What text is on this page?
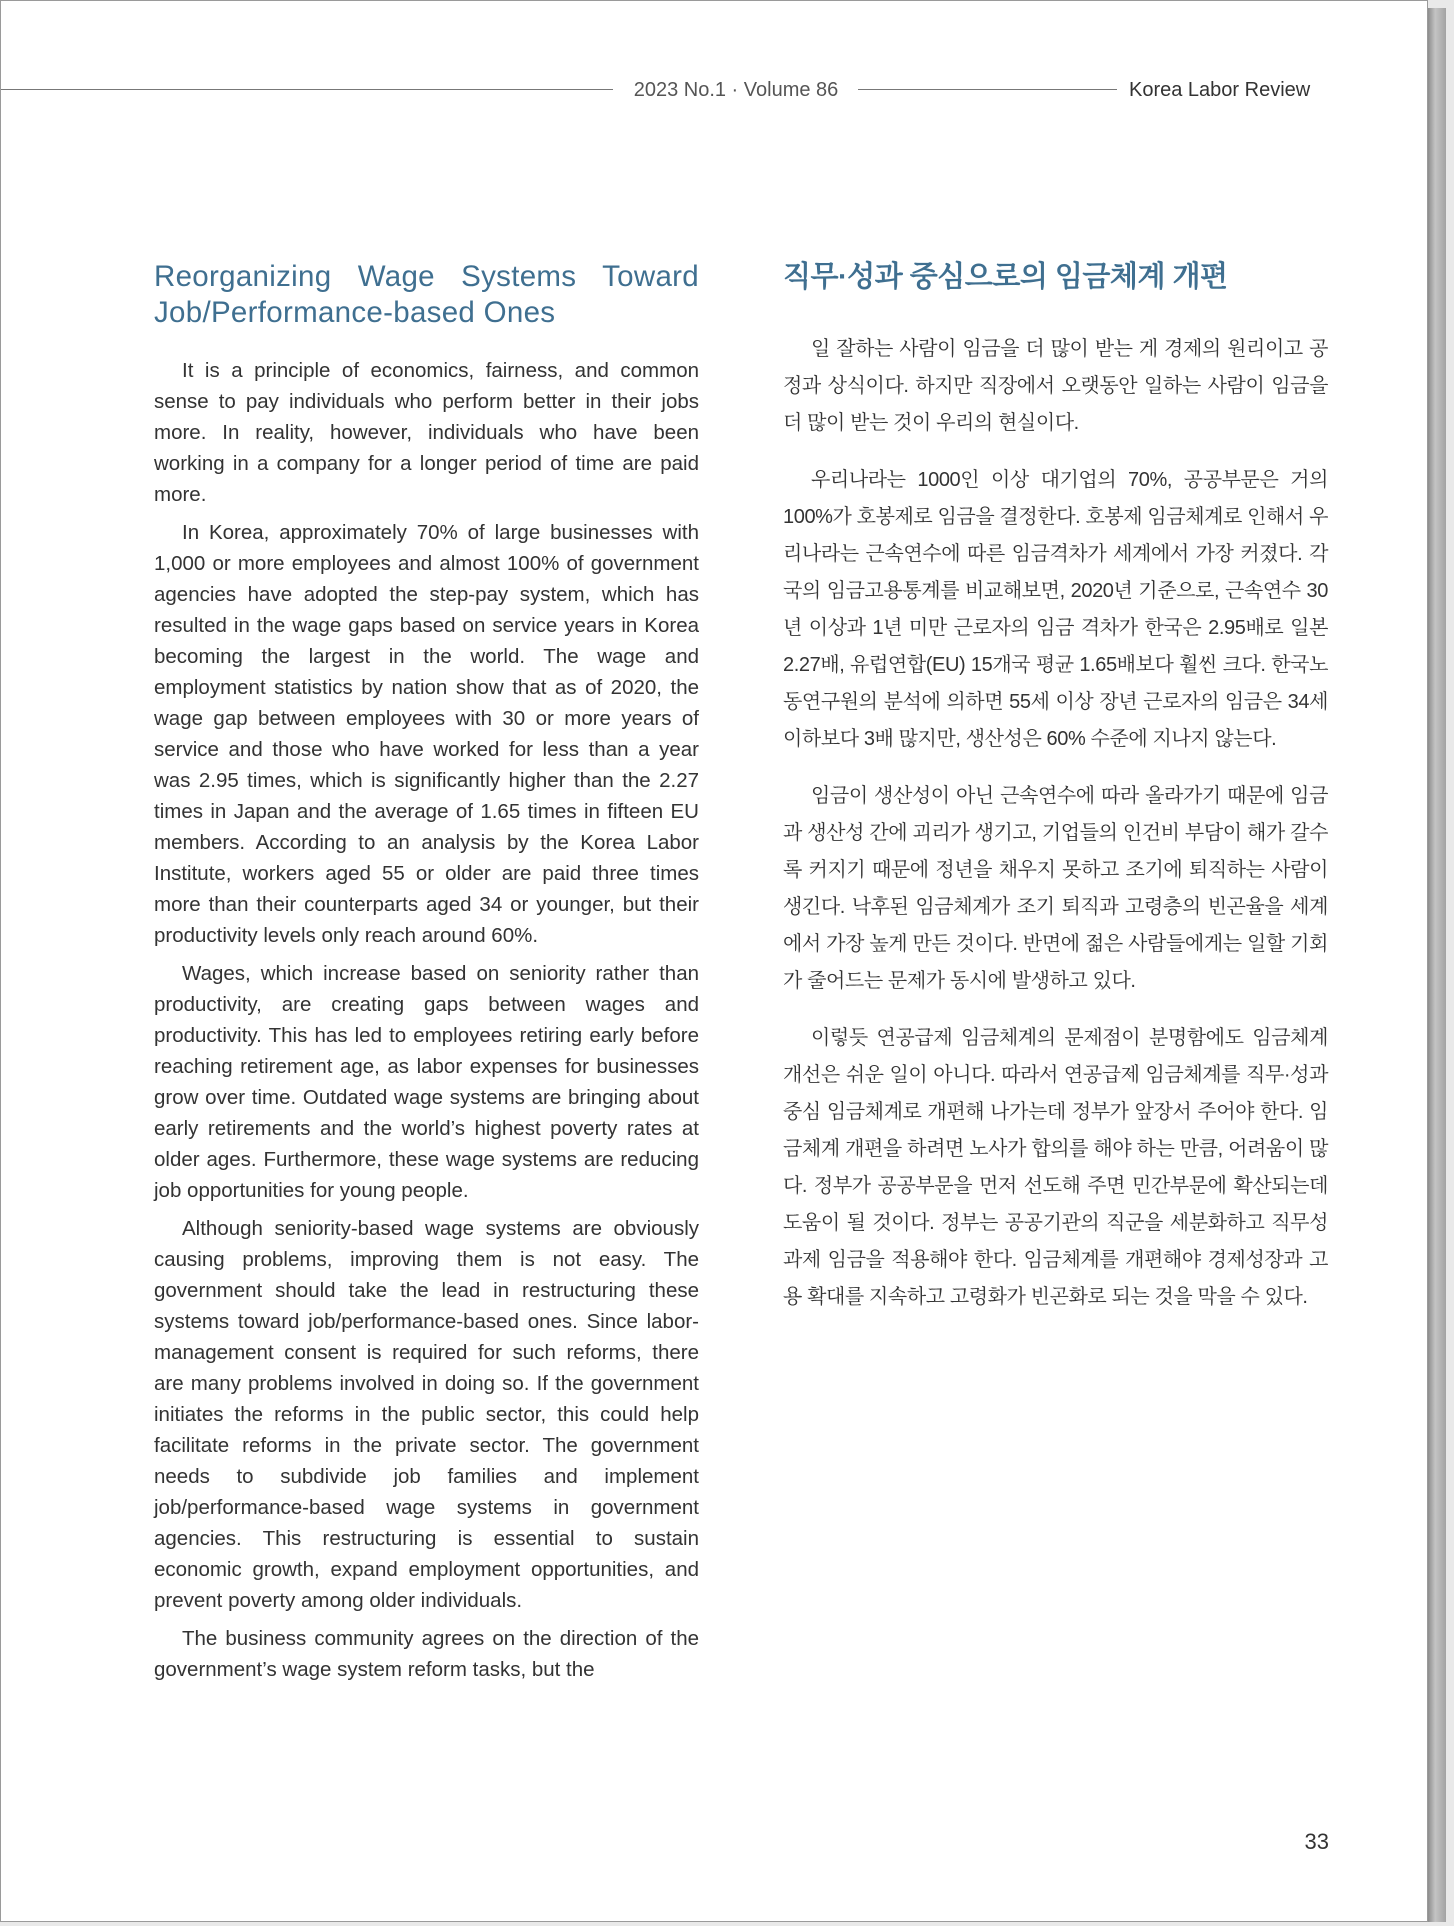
2023 No.1 · Volume 86	Korea Labor Review
Reorganizing Wage Systems Toward Job/Performance-based Ones

It is a principle of economics, fairness, and common sense to pay individuals who perform better in their jobs more. In reality, however, individuals who have been working in a company for a longer period of time are paid more.

In Korea, approximately 70% of large businesses with 1,000 or more employees and almost 100% of government agencies have adopted the step-pay system, which has resulted in the wage gaps based on service years in Korea becoming the largest in the world. The wage and employment statistics by nation show that as of 2020, the wage gap between employees with 30 or more years of service and those who have worked for less than a year was 2.95 times, which is significantly higher than the 2.27 times in Japan and the average of 1.65 times in fifteen EU members. According to an analysis by the Korea Labor Institute, workers aged 55 or older are paid three times more than their counterparts aged 34 or younger, but their productivity levels only reach around 60%.

Wages, which increase based on seniority rather than productivity, are creating gaps between wages and productivity. This has led to employees retiring early before reaching retirement age, as labor expenses for businesses grow over time. Outdated wage systems are bringing about early retirements and the world’s highest poverty rates at older ages. Furthermore, these wage systems are reducing job opportunities for young people.

Although seniority-based wage systems are obviously causing problems, improving them is not easy. The government should take the lead in restructuring these systems toward job/performance-based ones. Since labor-management consent is required for such reforms, there are many problems involved in doing so. If the government initiates the reforms in the public sector, this could help facilitate reforms in the private sector. The government needs to subdivide job families and implement job/performance-based wage systems in government agencies. This restructuring is essential to sustain economic growth, expand employment opportunities, and prevent poverty among older individuals.

The business community agrees on the direction of the government’s wage system reform tasks, but the

직무·성과 중심으로의 임금체계 개편

일 잘하는 사람이 임금을 더 많이 받는 게 경제의 원리이고 공정과 상식이다. 하지만 직장에서 오랫동안 일하는 사람이 임금을 더 많이 받는 것이 우리의 현실이다.

우리나라는 1000인 이상 대기업의 70%, 공공부문은 거의 100%가 호봉제로 임금을 결정한다. 호봉제 임금체계로 인해서 우리나라는 근속연수에 따른 임금격차가 세계에서 가장 커졌다. 각국의 임금고용통계를 비교해보면, 2020년 기준으로, 근속연수 30년 이상과 1년 미만 근로자의 임금 격차가 한국은 2.95배로 일본 2.27배, 유럽연합(EU) 15개국 평균 1.65배보다 훨씬 크다. 한국노동연구원의 분석에 의하면 55세 이상 장년 근로자의 임금은 34세 이하보다 3배 많지만, 생산성은 60% 수준에 지나지 않는다.

임금이 생산성이 아닌 근속연수에 따라 올라가기 때문에 임금과 생산성 간에 괴리가 생기고, 기업들의 인건비 부담이 해가 갈수록 커지기 때문에 정년을 채우지 못하고 조기에 퇴직하는 사람이 생긴다. 낙후된 임금체계가 조기 퇴직과 고령층의 빈곤율을 세계에서 가장 높게 만든 것이다. 반면에 젊은 사람들에게는 일할 기회가 줄어드는 문제가 동시에 발생하고 있다.

이렇듯 연공급제 임금체계의 문제점이 분명함에도 임금체계 개선은 쉬운 일이 아니다. 따라서 연공급제 임금체계를 직무·성과중심 임금체계로 개편해 나가는데 정부가 앞장서 주어야 한다. 임금체계 개편을 하려면 노사가 합의를 해야 하는 만큼, 어려움이 많다. 정부가 공공부문을 먼저 선도해 주면 민간부문에 확산되는데 도움이 될 것이다. 정부는 공공기관의 직군을 세분화하고 직무성과제 임금을 적용해야 한다. 임금체계를 개편해야 경제성장과 고용 확대를 지속하고 고령화가 빈곤화로 되는 것을 막을 수 있다.

33
